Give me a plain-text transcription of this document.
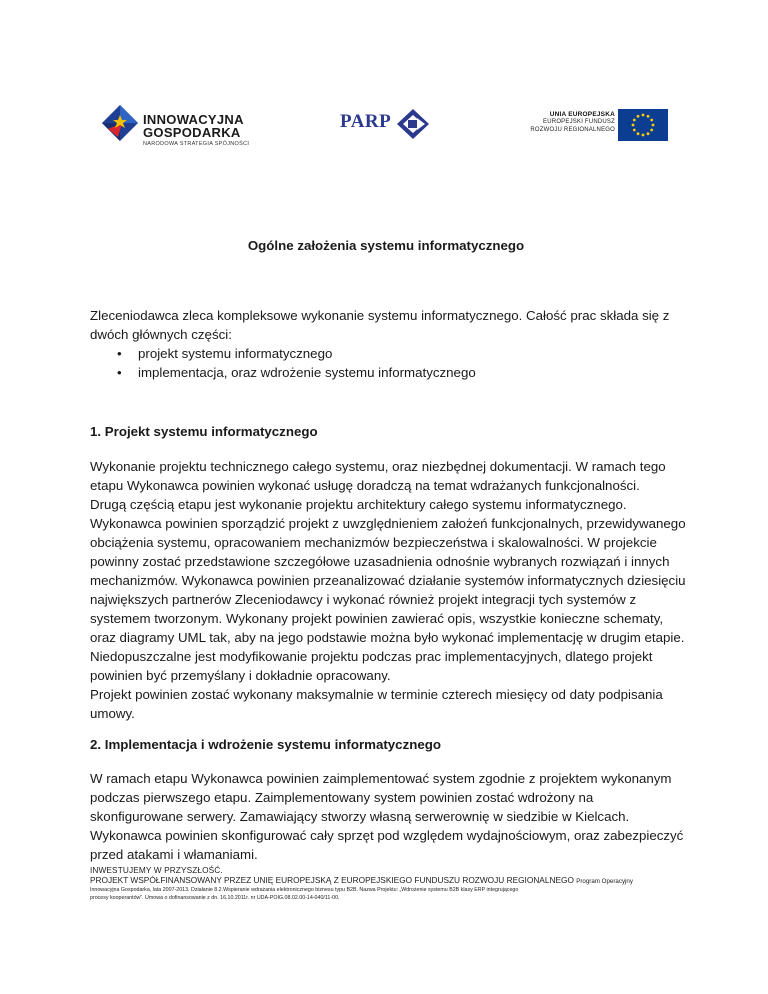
INNOWACYJNA
GOSPODARKA
NARODOWA STRATEGIA SPÓJNOŚCI
PARP	UNIA EUROPEJSKA
EUROPEJSKI FUNDUSZ
ROZWOJU REGIONALNEGO
Ogólne założenia systemu informatycznego

Zleceniodawca zleca kompleksowe wykonanie systemu informatycznego. Całość prac składa się z

dwóch głównych części:

• projekt systemu informatycznego
• implementacja, oraz wdrożenie systemu informatycznego
1. Projekt systemu informatycznego
Wykonanie projektu technicznego całego systemu, oraz niezbędnej dokumentacji. W ramach tego
etapu Wykonawca powinien wykonać usługę doradczą na temat wdrażanych funkcjonalności.
Drugą częścią etapu jest wykonanie projektu architektury całego systemu informatycznego.
Wykonawca powinien sporządzić projekt z uwzględnieniem założeń funkcjonalnych, przewidywanego
obciążenia systemu, opracowaniem mechanizmów bezpieczeństwa i skalowalności. W projekcie
powinny zostać przedstawione szczegółowe uzasadnienia odnośnie wybranych rozwiązań i innych
mechanizmów. Wykonawca powinien przeanalizować działanie systemów informatycznych dziesięciu
największych partnerów Zleceniodawcy i wykonać również projekt integracji tych systemów z
systemem tworzonym. Wykonany projekt powinien zawierać opis, wszystkie konieczne schematy,
oraz diagramy UML tak, aby na jego podstawie można było wykonać implementację w drugim etapie.
Niedopuszczalne jest modyfikowanie projektu podczas prac implementacyjnych, dlatego projekt
powinien być przemyślany i dokładnie opracowany.
Projekt powinien zostać wykonany maksymalnie w terminie czterech miesięcy od daty podpisania
umowy.
2. Implementacja i wdrożenie systemu informatycznego
W ramach etapu Wykonawca powinien zaimplementować system zgodnie z projektem wykonanym
podczas pierwszego etapu. Zaimplementowany system powinien zostać wdrożony na
skonfigurowane serwery. Zamawiający stworzy własną serwerownię w siedzibie w Kielcach.
Wykonawca powinien skonfigurować cały sprzęt pod względem wydajnościowym, oraz zabezpieczyć
przed atakami i włamaniami.
INWESTUJEMY W PRZYSZŁOŚĆ.
PROJEKT WSPÓŁFINANSOWANY PRZEZ UNIĘ EUROPEJSKĄ Z EUROPEJSKIEGO FUNDUSZU ROZWOJU REGIONALNEGO Program Operacyjny
Innowacyjna Gospodarka, lata 2007-2013. Działanie 8.2.Wspieranie wdrażania elektronicznego biznesu typu B2B. Nazwa Projektu: „Wdrożenie systemu B2B klasy ERP integrującego
procesy kooperantów”. Umowa o dofinansowanie z dn. 16.10.2011r. nr UDA-POIG.08.02.00-14-040/11-00.
